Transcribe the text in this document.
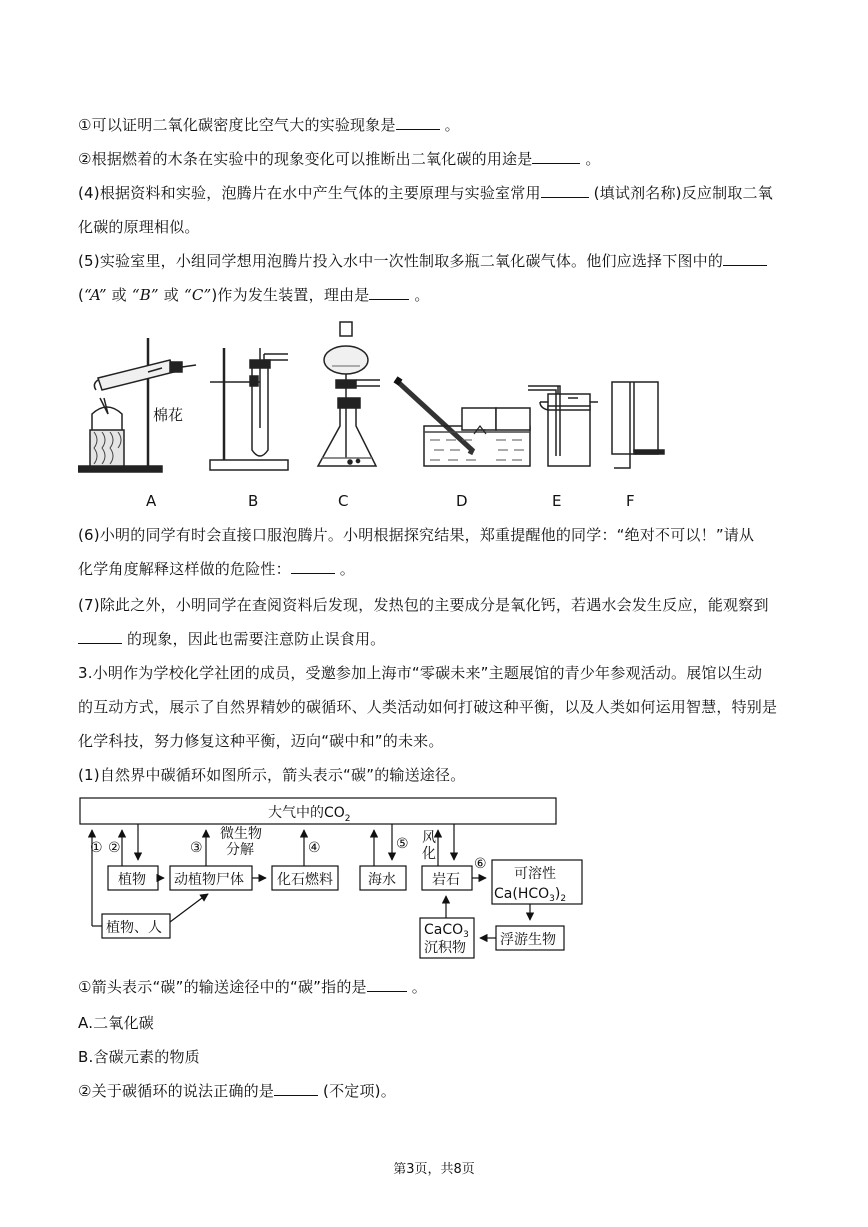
①可以证明二氧化碳密度比空气大的实验现象是	。
②根据燃着的木条在实验中的现象变化可以推断出二氧化碳的用途是	。
(4)根据资料和实验，泡腾片在水中产生气体的主要原理与实验室常用	(填试剂名称)反应制取二氧
化碳的原理相似。
(5)实验室里，小组同学想用泡腾片投入水中一次性制取多瓶二氧化碳气体。他们应选择下图中的
(“A” 或 “B” 或 “C”)作为发生装置，理由是	。
棉花
A	B	C	D	E	F
(6)小明的同学有时会直接口服泡腾片。小明根据探究结果，郑重提醒他的同学：“绝对不可以！”请从
化学角度解释这样做的危险性：	。
(7)除此之外，小明同学在查阅资料后发现，发热包的主要成分是氧化钙，若遇水会发生反应，能观察到
的现象，因此也需要注意防止误食用。
3.小明作为学校化学社团的成员，受邀参加上海市“零碳未来”主题展馆的青少年参观活动。展馆以生动
的互动方式，展示了自然界精妙的碳循环、人类活动如何打破这种平衡，以及人类如何运用智慧，特别是
化学科技，努力修复这种平衡，迈向“碳中和”的未来。
(1)自然界中碳循环如图所示，箭头表示“碳”的输送途径。
大气中的$CO_2$
植物 动植物尸体 化石燃料	海水	岩石	可溶性
$Ca(HCO_3)_2$
植物、人	CaCO$_3$
沉积物 浮游生物
微生物
分解
风
化
① ②	③	④	⑤
⑥
①箭头表示“碳”的输送途径中的“碳”指的是	。
A.二氧化碳
B.含碳元素的物质
②关于碳循环的说法正确的是	(不定项)。
第3页，共8页
